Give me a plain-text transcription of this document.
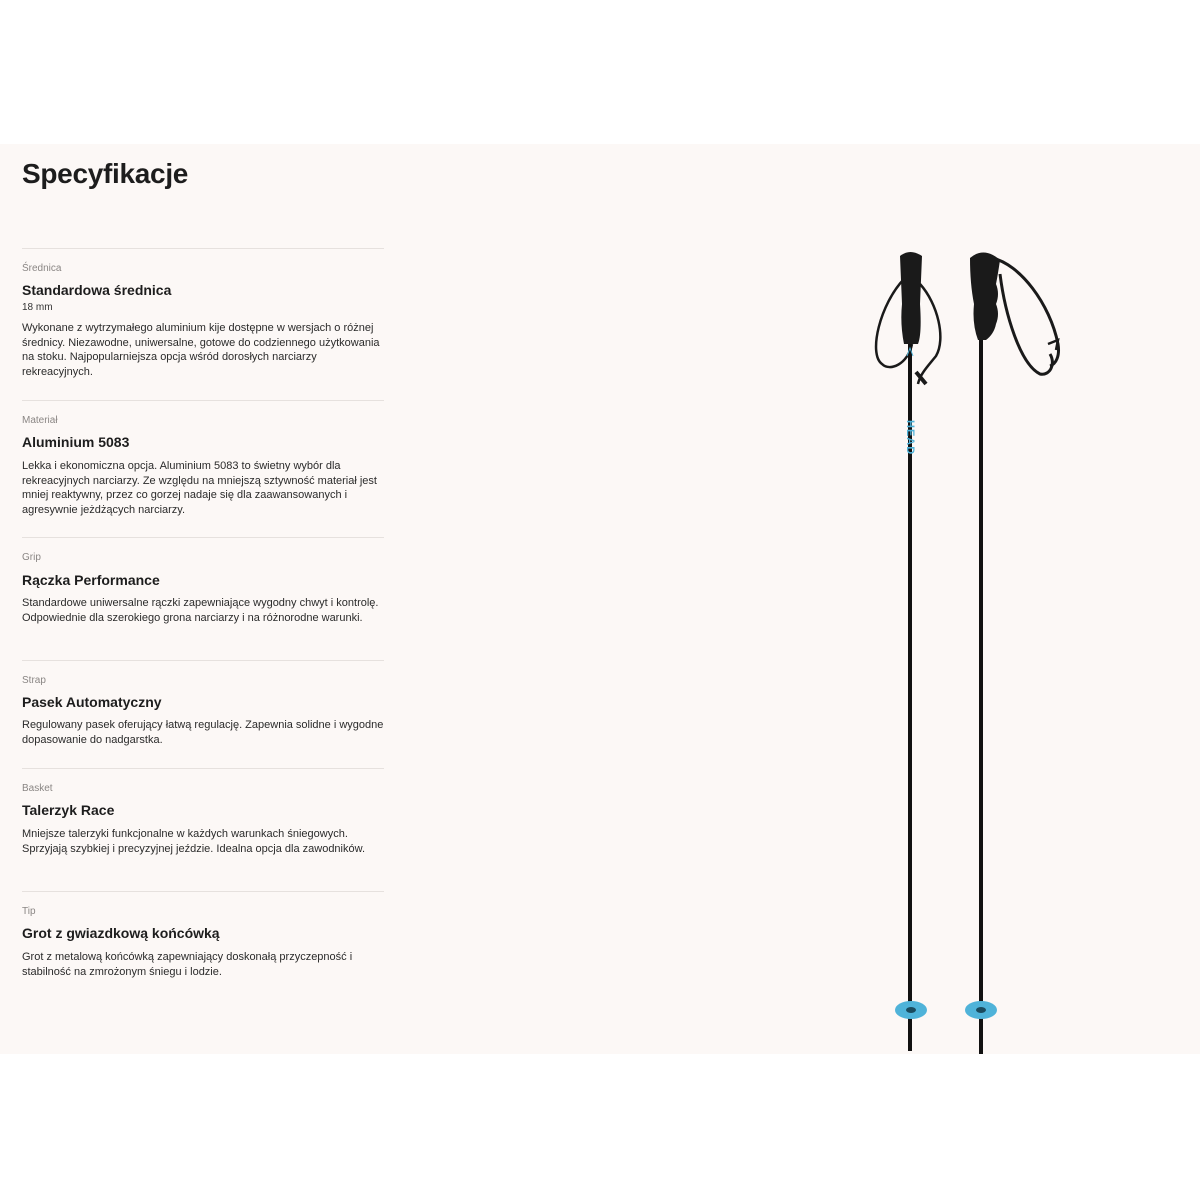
Specyfikacje
Średnica
Standardowa średnica
18 mm

Wykonane z wytrzymałego aluminium kije dostępne w wersjach o różnej średnicy. Niezawodne, uniwersalne, gotowe do codziennego użytkowania na stoku. Najpopularniejsza opcja wśród dorosłych narciarzy rekreacyjnych.

Materiał
Aluminium 5083

Lekka i ekonomiczna opcja. Aluminium 5083 to świetny wybór dla rekreacyjnych narciarzy. Ze względu na mniejszą sztywność materiał jest mniej reaktywny, przez co gorzej nadaje się dla zaawansowanych i agresywnie jeżdżących narciarzy.

Grip
Rączka Performance

Standardowe uniwersalne rączki zapewniające wygodny chwyt i kontrolę. Odpowiednie dla szerokiego grona narciarzy i na różnorodne warunki.

Strap
Pasek Automatyczny

Regulowany pasek oferujący łatwą regulację. Zapewnia solidne i wygodne dopasowanie do nadgarstka.

Basket
Talerzyk Race

Mniejsze talerzyki funkcjonalne w każdych warunkach śniegowych. Sprzyjają szybkiej i precyzyjnej jeździe. Idealna opcja dla zawodników.

Tip
Grot z gwiazdkową końcówką

Grot z metalową końcówką zapewniający doskonałą przyczepność i stabilność na zmrożonym śniegu i lodzie.

HEAD
